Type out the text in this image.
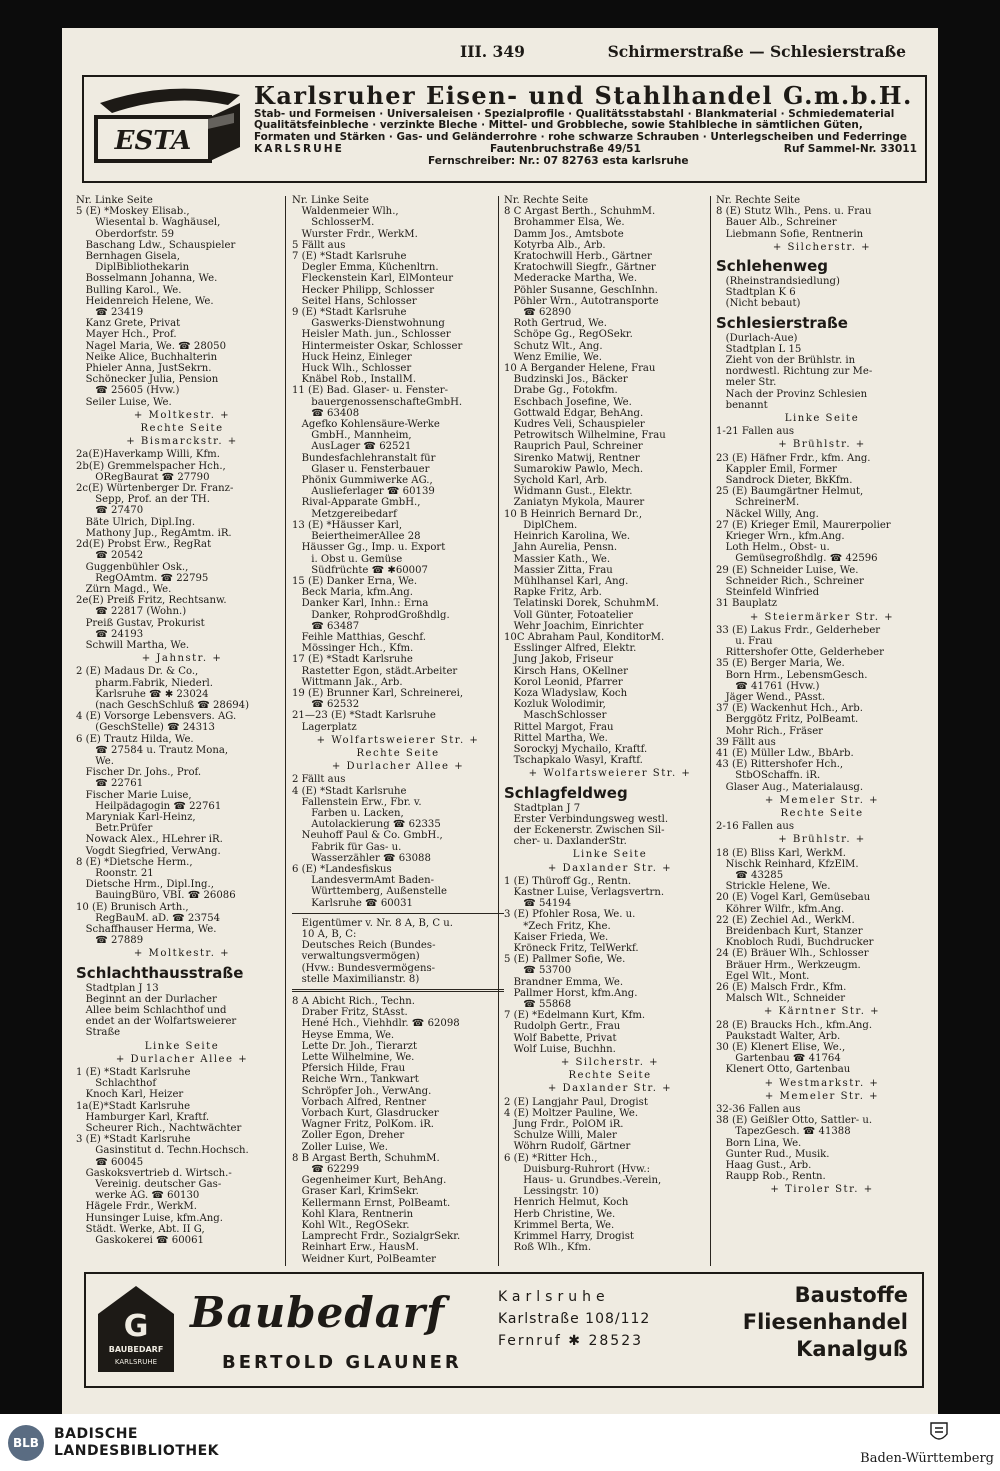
III. 349	Schirmerstraße — Schlesierstraße
ESTA
Karlsruher Eisen- und Stahlhandel G.m.b.H.
Stab- und Formeisen · Universaleisen · Spezialprofile · Qualitätsstabstahl · Blankmaterial · Schmiedematerial
Qualitätsfeinbleche · verzinkte Bleche · Mittel- und Grobbleche, sowie Stahlbleche in sämtlichen Güten,
Formaten und Stärken · Gas- und Geländerrohre · rohe schwarze Schrauben · Unterlegscheiben und Federringe
KARLSRUHE	Fautenbruchstraße 49/51	Ruf Sammel-Nr. 33011
Fernschreiber: Nr.: 07 82763 esta karlsruhe
Nr. Linke Seite
5 (E) *Moskey Elisab.,
Wiesental b. Waghäusel,
Oberdorfstr. 59
Baschang Ldw., Schauspieler
Bernhagen Gisela,
DiplBibliothekarin
Bosselmann Johanna, We.
Bulling Karol., We.
Heidenreich Helene, We.
☎ 23419
Kanz Grete, Privat
Mayer Hch., Prof.
Nagel Maria, We. ☎ 28050
Neike Alice, Buchhalterin
Phieler Anna, JustSekrn.
Schönecker Julia, Pension
☎ 25605 (Hvw.)
Seiler Luise, We.
+ Moltkestr. +
Rechte Seite
+ Bismarckstr. +
2a(E)Haverkamp Willi, Kfm.
2b(E) Gremmelspacher Hch.,
ORegBaurat ☎ 27790
2c(E) Würtenberger Dr. Franz-
Sepp, Prof. an der TH.
☎ 27470
Bäte Ulrich, Dipl.Ing.
Mathony Jup., RegAmtm. iR.
2d(E) Probst Erw., RegRat
☎ 20542
Guggenbühler Osk.,
RegOAmtm. ☎ 22795
Zürn Magd., We.
2e(E) Preiß Fritz, Rechtsanw.
☎ 22817 (Wohn.)
Preiß Gustav, Prokurist
☎ 24193
Schwill Martha, We.
+ Jahnstr. +
2 (E) Madaus Dr. & Co.,
pharm.Fabrik, Niederl.
Karlsruhe ☎ ✱ 23024
(nach GeschSchluß ☎ 28694)
4 (E) Vorsorge Lebensvers. AG.
(GeschStelle) ☎ 24313
6 (E) Trautz Hilda, We.
☎ 27584 u. Trautz Mona,
We.
Fischer Dr. Johs., Prof.
☎ 22761
Fischer Marie Luise,
Heilpädagogin ☎ 22761
Maryniak Karl-Heinz,
Betr.Prüfer
Nowack Alex., HLehrer iR.
Vogdt Siegfried, VerwAng.
8 (E) *Dietsche Herm.,
Roonstr. 21
Dietsche Hrm., Dipl.Ing.,
BauingBüro, VBI. ☎ 26086
10 (E) Brunisch Arth.,
RegBauM. aD. ☎ 23754
Schaffhauser Herma, We.
☎ 27889
+ Moltkestr. +
Schlachthausstraße
Stadtplan J 13
Beginnt an der Durlacher
Allee beim Schlachthof und
endet an der Wolfartsweierer
Straße
Linke Seite
+ Durlacher Allee +
1 (E) *Stadt Karlsruhe
Schlachthof
Knoch Karl, Heizer
1a(E)*Stadt Karlsruhe
Hamburger Karl, Kraftf.
Scheurer Rich., Nachtwächter
3 (E) *Stadt Karlsruhe
Gasinstitut d. Techn.Hochsch.
☎ 60045
Gaskoksvertrieb d. Wirtsch.-
Vereinig. deutscher Gas-
werke AG. ☎ 60130
Hägele Frdr., WerkM.
Hunsinger Luise, kfm.Ang.
Städt. Werke, Abt. II G,
Gaskokerei ☎ 60061
Nr. Linke Seite
Waldenmeier Wlh.,
SchlosserM.
Wurster Frdr., WerkM.
5 Fällt aus
7 (E) *Stadt Karlsruhe
Degler Emma, Küchenltrn.
Fleckenstein Karl, ElMonteur
Hecker Philipp, Schlosser
Seitel Hans, Schlosser
9 (E) *Stadt Karlsruhe
Gaswerks-Dienstwohnung
Heisler Math. jun., Schlosser
Hintermeister Oskar, Schlosser
Huck Heinz, Einleger
Huck Wlh., Schlosser
Knäbel Rob., InstallM.
11 (E) Bad. Glaser- u. Fenster-
bauergenossenschafteGmbH.
☎ 63408
Agefko Kohlensäure-Werke
GmbH., Mannheim,
AusLager ☎ 62521
Bundesfachlehranstalt für
Glaser u. Fensterbauer
Phönix Gummiwerke AG.,
Auslieferlager ☎ 60139
Rival-Apparate GmbH.,
Metzgereibedarf
13 (E) *Häusser Karl,
BeiertheimerAllee 28
Häusser Gg., Imp. u. Export
i. Obst u. Gemüse
Südfrüchte ☎ ✱60007
15 (E) Danker Erna, We.
Beck Maria, kfm.Ang.
Danker Karl, Inhn.: Erna
Danker, RohprodGroßhdlg.
☎ 63487
Feihle Matthias, Geschf.
Mössinger Hch., Kfm.
17 (E) *Stadt Karlsruhe
Rastetter Egon, städt.Arbeiter
Wittmann Jak., Arb.
19 (E) Brunner Karl, Schreinerei,
☎ 62532
21—23 (E) *Stadt Karlsruhe
Lagerplatz
+ Wolfartsweierer Str. +
Rechte Seite
+ Durlacher Allee +
2 Fällt aus
4 (E) *Stadt Karlsruhe
Fallenstein Erw., Fbr. v.
Farben u. Lacken,
Autolackierung ☎ 62335
Neuhoff Paul & Co. GmbH.,
Fabrik für Gas- u.
Wasserzähler ☎ 63088
6 (E) *Landesfiskus
LandesvermAmt Baden-
Württemberg, Außenstelle
Karlsruhe ☎ 60031
Eigentümer v. Nr. 8 A, B, C u.
10 A, B, C:
Deutsches Reich (Bundes-
verwaltungsvermögen)
(Hvw.: Bundesvermögens-
stelle Maximilianstr. 8)
8 A Abicht Rich., Techn.
Draber Fritz, StAsst.
Hené Hch., Viehhdlr. ☎ 62098
Heyse Emma, We.
Lette Dr. Joh., Tierarzt
Lette Wilhelmine, We.
Pfersich Hilde, Frau
Reiche Wrn., Tankwart
Schröpfer Joh., VerwAng.
Vorbach Alfred, Rentner
Vorbach Kurt, Glasdrucker
Wagner Fritz, PolKom. iR.
Zoller Egon, Dreher
Zoller Luise, We.
8 B Argast Berth, SchuhmM.
☎ 62299
Gegenheimer Kurt, BehAng.
Graser Karl, KrimSekr.
Kellermann Ernst, PolBeamt.
Kohl Klara, Rentnerin
Kohl Wlt., RegOSekr.
Lamprecht Frdr., SozialgrSekr.
Reinhart Erw., HausM.
Weidner Kurt, PolBeamter
Nr. Rechte Seite
8 C Argast Berth., SchuhmM.
Brohammer Elsa, We.
Damm Jos., Amtsbote
Kotyrba Alb., Arb.
Kratochwill Herb., Gärtner
Kratochwill Siegfr., Gärtner
Mederacke Martha, We.
Pöhler Susanne, GeschInhn.
Pöhler Wrn., Autotransporte
☎ 62890
Roth Gertrud, We.
Schöpe Gg., RegOSekr.
Schutz Wlt., Ang.
Wenz Emilie, We.
10 A Bergander Helene, Frau
Budzinski Jos., Bäcker
Drabe Gg., Fotokfm.
Eschbach Josefine, We.
Gottwald Edgar, BehAng.
Kudres Veli, Schauspieler
Petrowitsch Wilhelmine, Frau
Rauprich Paul, Schreiner
Sirenko Matwij, Rentner
Sumarokiw Pawlo, Mech.
Sychold Karl, Arb.
Widmann Gust., Elektr.
Zaniatyn Mykola, Maurer
10 B Heinrich Bernard Dr.,
DiplChem.
Heinrich Karolina, We.
Jahn Aurelia, Pensn.
Massier Kath., We.
Massier Zitta, Frau
Mühlhansel Karl, Ang.
Rapke Fritz, Arb.
Telatinski Dorek, SchuhmM.
Voll Günter, Fotoatelier
Wehr Joachim, Einrichter
10C Abraham Paul, KonditorM.
Esslinger Alfred, Elektr.
Jung Jakob, Friseur
Kirsch Hans, OKellner
Korol Leonid, Pfarrer
Koza Wladyslaw, Koch
Kozluk Wolodimir,
MaschSchlosser
Rittel Margot, Frau
Rittel Martha, We.
Sorockyj Mychailo, Kraftf.
Tschapkalo Wasyl, Kraftf.
+ Wolfartsweierer Str. +
Schlagfeldweg
Stadtplan J 7
Erster Verbindungsweg westl.
der Eckenerstr. Zwischen Sil-
cher- u. DaxlanderStr.
Linke Seite
+ Daxlander Str. +
1 (E) Thüroff Gg., Rentn.
Kastner Luise, Verlagsvertrn.
☎ 54194
3 (E) Pfohler Rosa, We. u.
*Zech Fritz, Khe.
Kaiser Frieda, We.
Kröneck Fritz, TelWerkf.
5 (E) Pallmer Sofie, We.
☎ 53700
Brandner Emma, We.
Pallmer Horst, kfm.Ang.
☎ 55868
7 (E) *Edelmann Kurt, Kfm.
Rudolph Gertr., Frau
Wolf Babette, Privat
Wolf Luise, Buchhn.
+ Silcherstr. +
Rechte Seite
+ Daxlander Str. +
2 (E) Langjahr Paul, Drogist
4 (E) Moltzer Pauline, We.
Jung Frdr., PolOM iR.
Schulze Willi, Maler
Wöhrn Rudolf, Gärtner
6 (E) *Ritter Hch.,
Duisburg-Ruhrort (Hvw.:
Haus- u. Grundbes.-Verein,
Lessingstr. 10)
Henrich Helmut, Koch
Herb Christine, We.
Krimmel Berta, We.
Krimmel Harry, Drogist
Roß Wlh., Kfm.
Nr. Rechte Seite
8 (E) Stutz Wlh., Pens. u. Frau
Bauer Alb., Schreiner
Liebmann Sofie, Rentnerin
+ Silcherstr. +
Schlehenweg
(Rheinstrandsiedlung)
Stadtplan K 6
(Nicht bebaut)
Schlesierstraße
(Durlach-Aue)
Stadtplan L 15
Zieht von der Brühlstr. in
nordwestl. Richtung zur Me-
meler Str.
Nach der Provinz Schlesien
benannt
Linke Seite
1-21 Fallen aus
+ Brühlstr. +
23 (E) Häfner Frdr., kfm. Ang.
Kappler Emil, Former
Sandrock Dieter, BkKfm.
25 (E) Baumgärtner Helmut,
SchreinerM.
Näckel Willy, Ang.
27 (E) Krieger Emil, Maurerpolier
Krieger Wrn., kfm.Ang.
Loth Helm., Obst- u.
Gemüsegroßhdlg. ☎ 42596
29 (E) Schneider Luise, We.
Schneider Rich., Schreiner
Steinfeld Winfried
31 Bauplatz
+ Steiermärker Str. +
33 (E) Lakus Frdr., Gelderheber
u. Frau
Rittershofer Otte, Gelderheber
35 (E) Berger Maria, We.
Born Hrm., LebensmGesch.
☎ 41761 (Hvw.)
Jäger Wend., PAsst.
37 (E) Wackenhut Hch., Arb.
Berggötz Fritz, PolBeamt.
Mohr Rich., Fräser
39 Fällt aus
41 (E) Müller Ldw., BbArb.
43 (E) Rittershofer Hch.,
StbOSchaffn. iR.
Glaser Aug., Materialausg.
+ Memeler Str. +
Rechte Seite
2-16 Fallen aus
+ Brühlstr. +
18 (E) Bliss Karl, WerkM.
Nischk Reinhard, KfzElM.
☎ 43285
Strickle Helene, We.
20 (E) Vogel Karl, Gemüsebau
Köhrer Wilfr., kfm.Ang.
22 (E) Zechiel Ad., WerkM.
Breidenbach Kurt, Stanzer
Knobloch Rudi, Buchdrucker
24 (E) Bräuer Wlh., Schlosser
Bräuer Hrm., Werkzeugm.
Egel Wlt., Mont.
26 (E) Malsch Frdr., Kfm.
Malsch Wlt., Schneider
+ Kärntner Str. +
28 (E) Braucks Hch., kfm.Ang.
Paukstadt Walter, Arb.
30 (E) Klenert Elise, We.,
Gartenbau ☎ 41764
Klenert Otto, Gartenbau
+ Westmarkstr. +
+ Memeler Str. +
32-36 Fallen aus
38 (E) Geißler Otto, Sattler- u.
TapezGesch. ☎ 41388
Born Lina, We.
Gunter Rud., Musik.
Haag Gust., Arb.
Raupp Rob., Rentn.
+ Tiroler Str. +
G
BAUBEDARF
KARLSRUHE
Baubedarf
BERTOLD GLAUNER
Karlsruhe
Karlstraße 108/112
Fernruf ✱ 28523
Baustoffe
Fliesenhandel
Kanalguß
BLB
BADISCHE
LANDESBIBLIOTHEK	Baden-Württemberg
